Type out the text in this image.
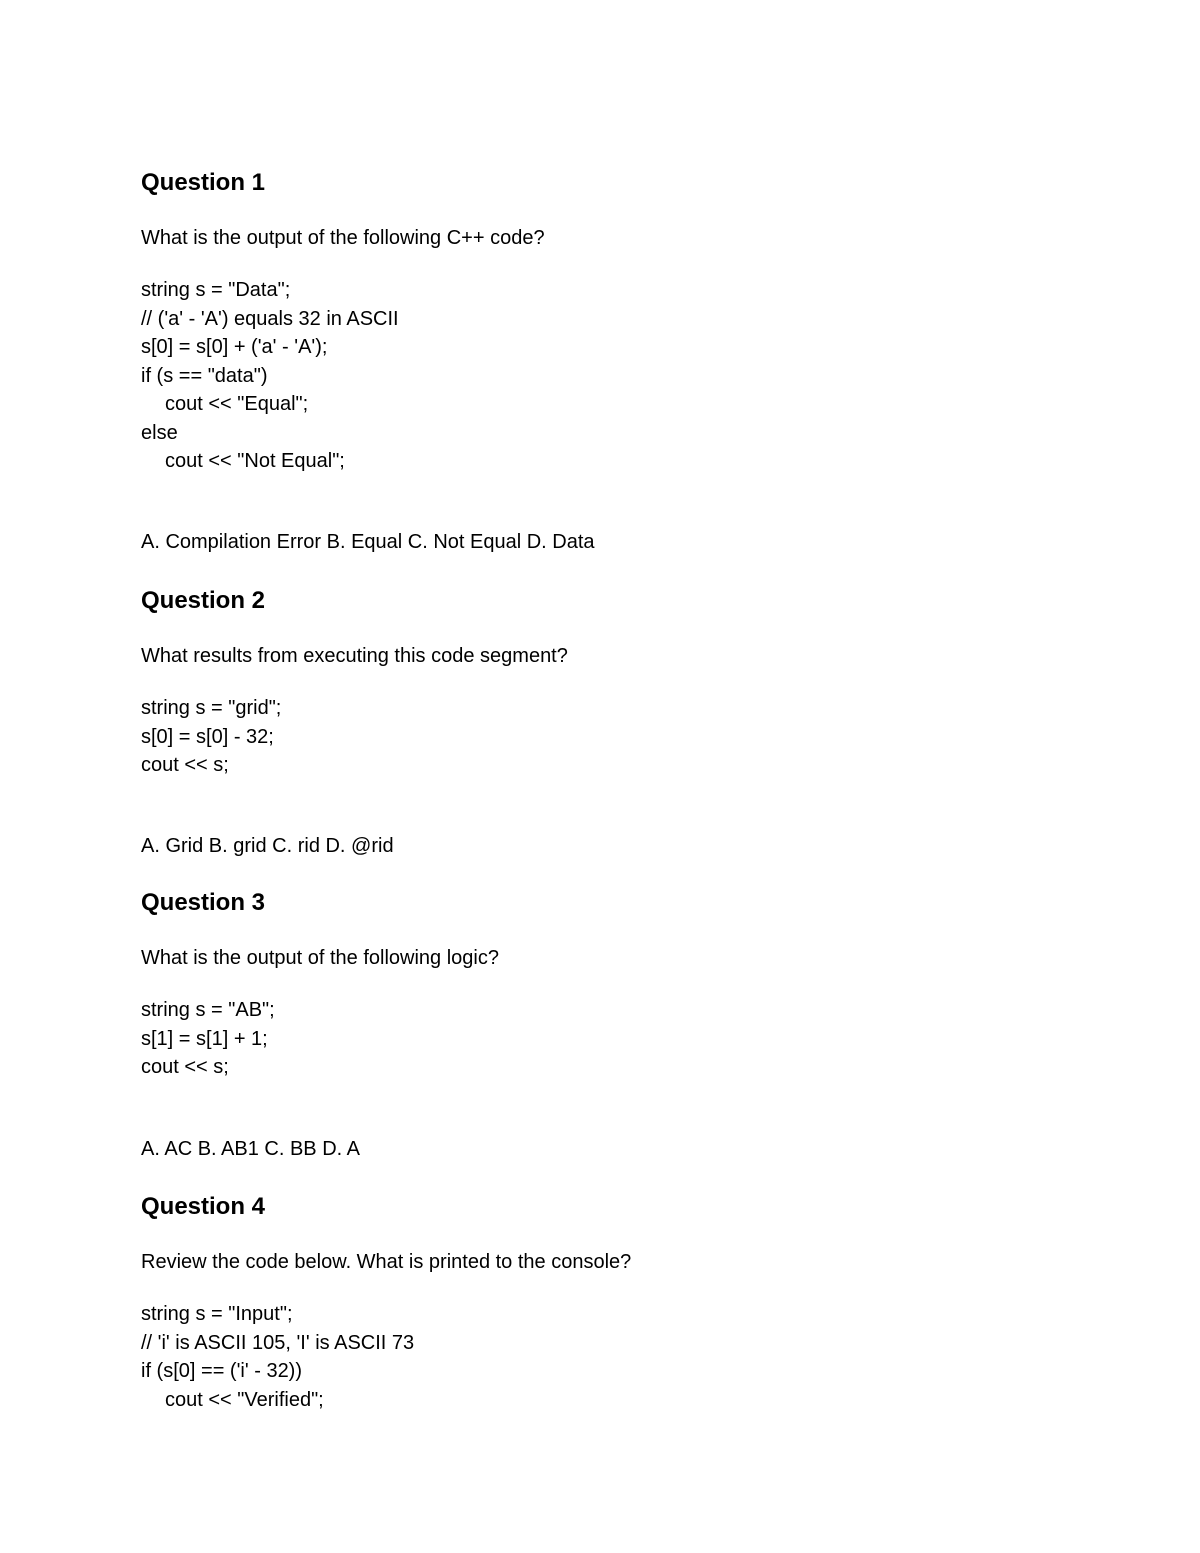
Question 1

What is the output of the following C++ code?

string s = "Data";
// ('a' - 'A') equals 32 in ASCII
s[0] = s[0] + ('a' - 'A');
if (s == "data")
cout << "Equal";
else
cout << "Not Equal";

A. Compilation Error B. Equal C. Not Equal D. Data

Question 2

What results from executing this code segment?

string s = "grid";
s[0] = s[0] - 32;
cout << s;

A. Grid B. grid C. rid D. @rid

Question 3

What is the output of the following logic?

string s = "AB";
s[1] = s[1] + 1;
cout << s;

A. AC B. AB1 C. BB D. A

Question 4

Review the code below. What is printed to the console?

string s = "Input";
// 'i' is ASCII 105, 'I' is ASCII 73
if (s[0] == ('i' - 32))
cout << "Verified";
